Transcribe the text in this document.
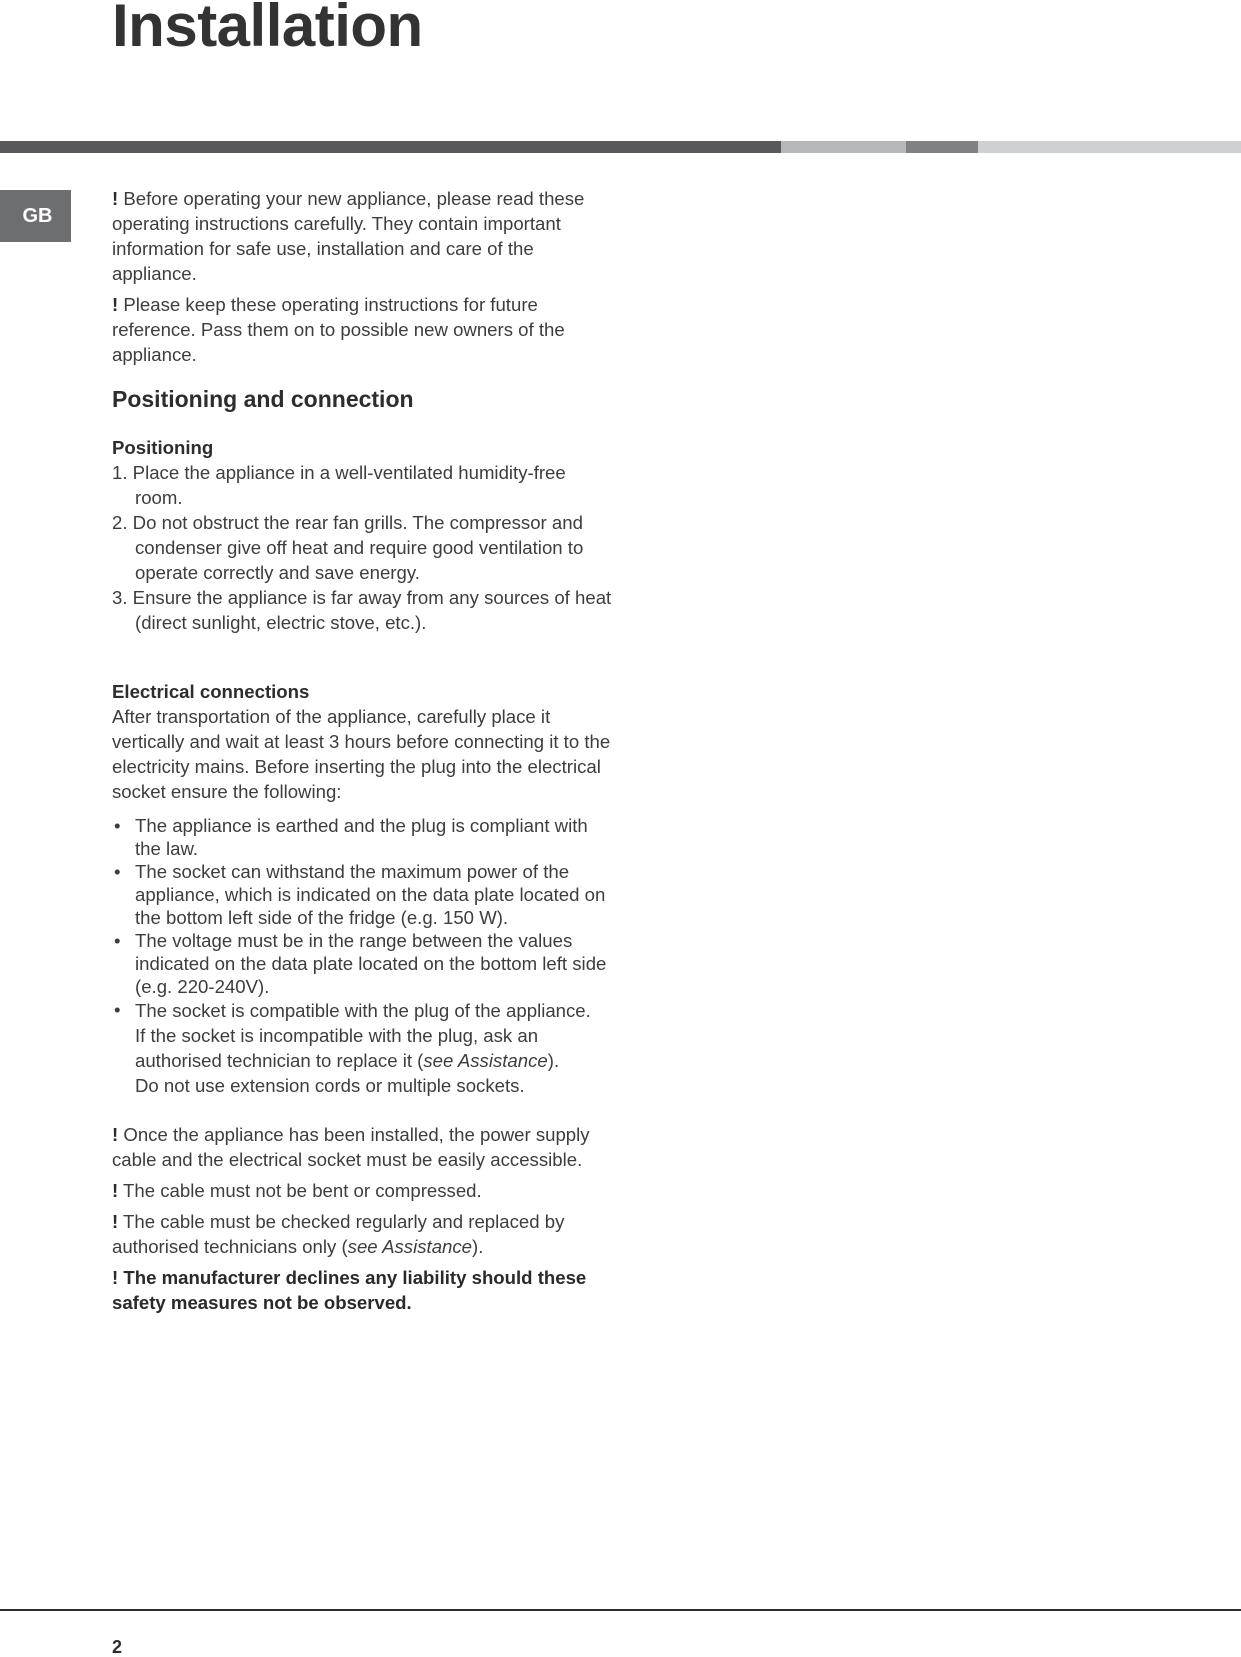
Installation
GB

! Before operating your new appliance, please read these operating instructions carefully. They contain important information for safe use, installation and care of the appliance.

! Please keep these operating instructions for future reference. Pass them on to possible new owners of the appliance.

Positioning and connection

Positioning

1. Place the appliance in a well-ventilated humidity-free room.
2. Do not obstruct the rear fan grills. The compressor and condenser give off heat and require good ventilation to operate correctly and save energy.
3. Ensure the appliance is far away from any sources of heat (direct sunlight, electric stove, etc.).

Electrical connections

After transportation of the appliance, carefully place it vertically and wait at least 3 hours before connecting it to the electricity mains. Before inserting the plug into the electrical socket ensure the following:

• The appliance is earthed and the plug is compliant with the law.
• The socket can withstand the maximum power of the appliance, which is indicated on the data plate located on the bottom left side of the fridge (e.g. 150 W).
• The voltage must be in the range between the values indicated on the data plate located on the bottom left side (e.g. 220-240V).
• The socket is compatible with the plug of the appliance.
If the socket is incompatible with the plug, ask an authorised technician to replace it (see Assistance).
Do not use extension cords or multiple sockets.

! Once the appliance has been installed, the power supply cable and the electrical socket must be easily accessible.

! The cable must not be bent or compressed.

! The cable must be checked regularly and replaced by authorised technicians only (see Assistance).

! The manufacturer declines any liability should these safety measures not be observed.

2
